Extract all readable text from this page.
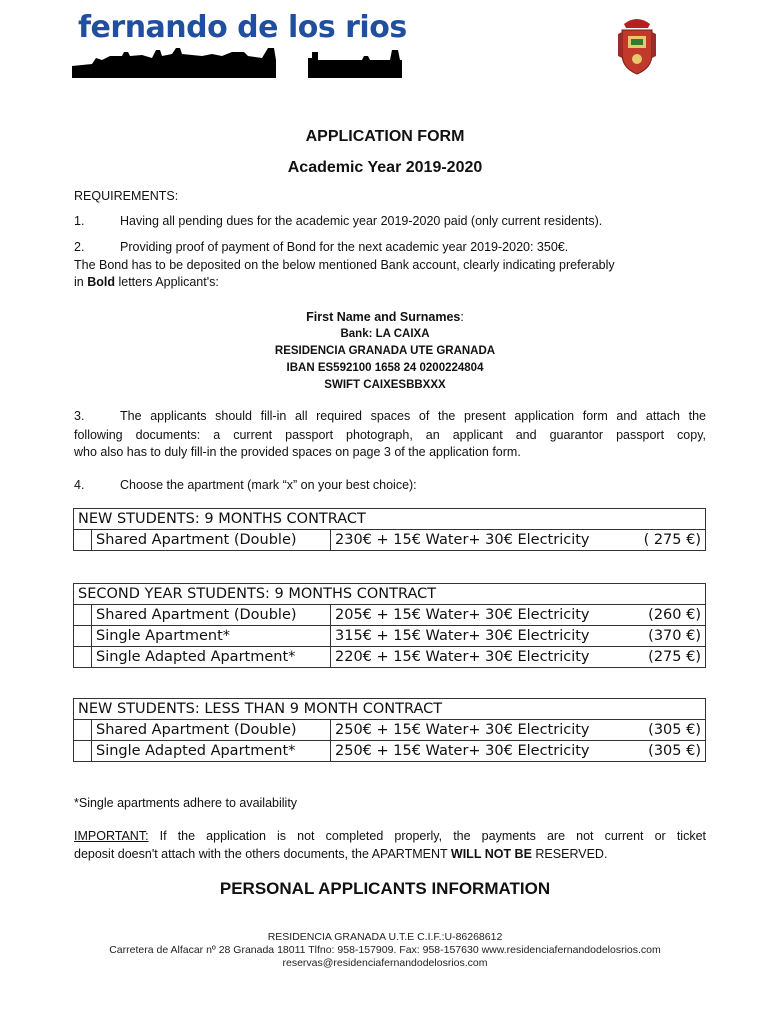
fernando de los rios
APPLICATION FORM
Academic Year 2019-2020
REQUIREMENTS:
1.	Having all pending dues for the academic year 2019-2020 paid (only current residents).
2.	Providing proof of payment of Bond for the next academic year 2019-2020: 350€.
The Bond has to be deposited on the below mentioned Bank account, clearly indicating preferably
in Bold letters Applicant's:
First Name and Surnames:
Bank: LA CAIXA
RESIDENCIA GRANADA UTE GRANADA
IBAN ES592100 1658 24 0200224804
SWIFT CAIXESBBXXX
3.	The applicants should fill-in all required spaces of the present application form and attach the
following documents: a current passport photograph, an applicant and guarantor passport copy,
who also has to duly fill-in the provided spaces on page 3 of the application form.
4.	Choose the apartment (mark “x” on your best choice):
NEW STUDENTS: 9 MONTHS CONTRACT
	Shared Apartment (Double)	230€ + 15€ Water+ 30€ Electricity	( 275 €)
SECOND YEAR STUDENTS: 9 MONTHS CONTRACT		
	Shared Apartment (Double)	205€ + 15€ Water+ 30€ Electricity (260 €)

	Single Apartment*	315€ + 15€ Water+ 30€ Electricity (370 €)

	Single Adapted Apartment*	220€ + 15€ Water+ 30€ Electricity (275 €)
NEW STUDENTS: LESS THAN 9 MONTH CONTRACT		
	Shared Apartment (Double)	250€ + 15€ Water+ 30€ Electricity (305 €)

	Single Adapted Apartment*	250€ + 15€ Water+ 30€ Electricity (305 €)
*Single apartments adhere to availability
IMPORTANT: If the application is not completed properly, the payments are not current or ticket
deposit doesn't attach with the others documents, the APARTMENT WILL NOT BE RESERVED.
PERSONAL APPLICANTS INFORMATION
RESIDENCIA GRANADA U.T.E C.I.F.:U-86268612
Carretera de Alfacar nº 28 Granada 18011 Tlfno: 958-157909. Fax: 958-157630 www.residenciafernandodelosrios.com
reservas@residenciafernandodelosrios.com
